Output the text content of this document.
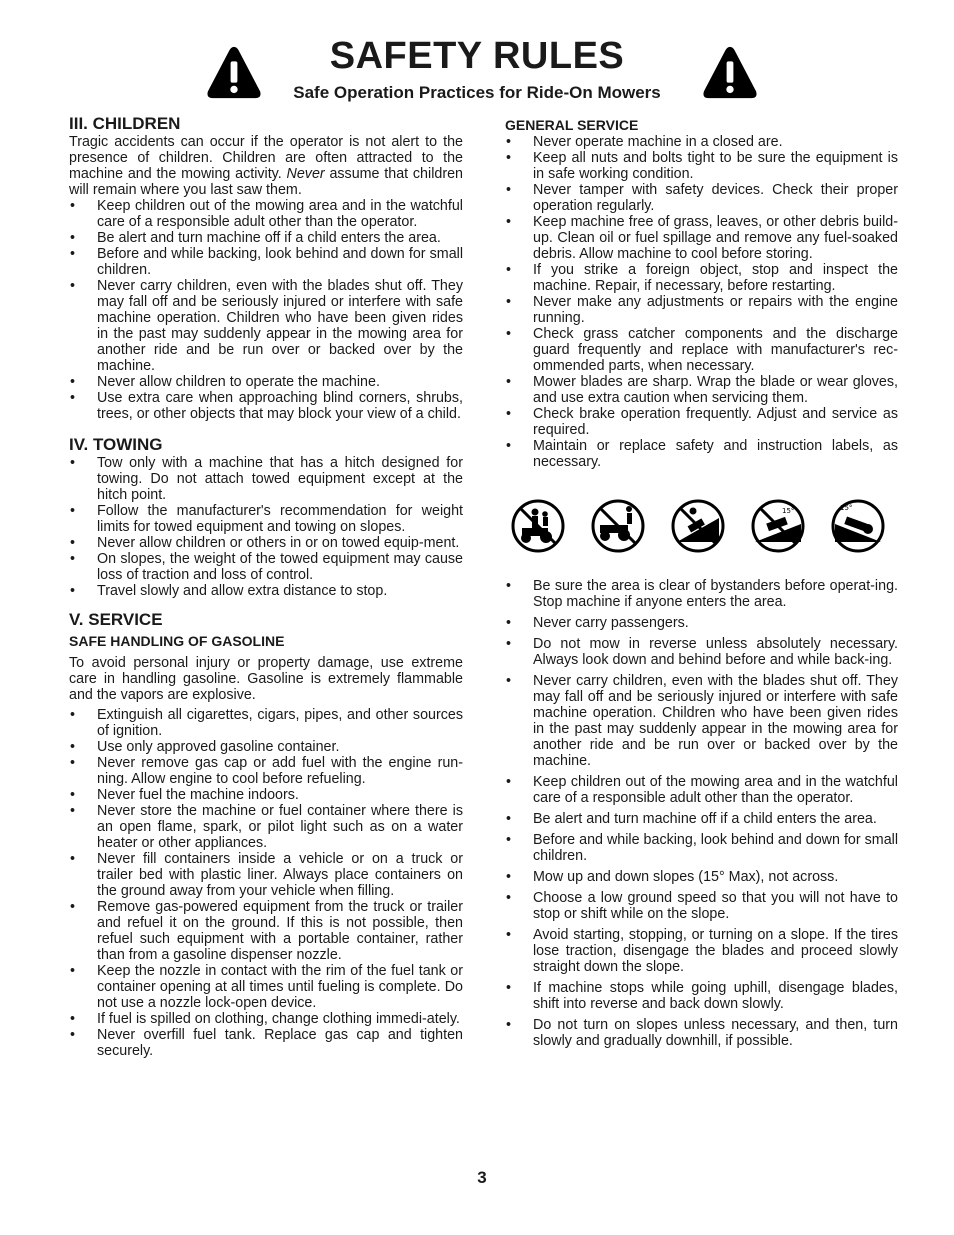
SAFETY RULES
Safe Operation Practices for Ride-On Mowers
III. CHILDREN

Tragic accidents can occur if the operator is not alert to the presence of children. Children are often attracted to the machine and the mowing activity. Never assume that children will remain where you last saw them.

• Keep children out of the mowing area and in the watchful care of a responsible adult other than the operator.
• Be alert and turn machine off if a child enters the area.
• Before and while backing, look behind and down for small children.
• Never carry children, even with the blades shut off. They may fall off and be seriously injured or interfere with safe machine operation. Children who have been given rides in the past may suddenly appear in the mowing area for another ride and be run over or backed over by the machine.
• Never allow children to operate the machine.
• Use extra care when approaching blind corners, shrubs, trees, or other objects that may block your view of a child.
IV. TOWING
• Tow only with a machine that has a hitch designed for towing. Do not attach towed equipment except at the hitch point.
• Follow the manufacturer's recommendation for weight limits for towed equipment and towing on slopes.
• Never allow children or others in or on towed equip-ment.
• On slopes, the weight of the towed equipment may cause loss of traction and loss of control.
• Travel slowly and allow extra distance to stop.
V. SERVICE
SAFE HANDLING OF GASOLINE

To avoid personal injury or property damage, use extreme care in handling gasoline. Gasoline is extremely flammable and the vapors are explosive.

• Extinguish all cigarettes, cigars, pipes, and other sources of ignition.
• Use only approved gasoline container.
• Never remove gas cap or add fuel with the engine run-ning. Allow engine to cool before refueling.
• Never fuel the machine indoors.
• Never store the machine or fuel container where there is an open flame, spark, or pilot light such as on a water heater or other appliances.
• Never fill containers inside a vehicle or on a truck or trailer bed with plastic liner. Always place containers on the ground away from your vehicle when filling.
• Remove gas-powered equipment from the truck or trailer and refuel it on the ground. If this is not possible, then refuel such equipment with a portable container, rather than from a gasoline dispenser nozzle.
• Keep the nozzle in contact with the rim of the fuel tank or container opening at all times until fueling is complete. Do not use a nozzle lock-open device.
• If fuel is spilled on clothing, change clothing immedi-ately.
• Never overfill fuel tank. Replace gas cap and tighten securely.
GENERAL SERVICE
• Never operate machine in a closed are.
• Keep all nuts and bolts tight to be sure the equipment is in safe working condition.
• Never tamper with safety devices. Check their proper operation regularly.
• Keep machine free of grass, leaves, or other debris build-up. Clean oil or fuel spillage and remove any fuel-soaked debris. Allow machine to cool before storing.
• If you strike a foreign object, stop and inspect the machine. Repair, if necessary, before restarting.
• Never make any adjustments or repairs with the engine running.
• Check grass catcher components and the discharge guard frequently and replace with manufacturer's rec-ommended parts, when necessary.
• Mower blades are sharp. Wrap the blade or wear gloves, and use extra caution when servicing them.
• Check brake operation frequently. Adjust and service as required.
• Maintain or replace safety and instruction labels, as necessary.
15°	15°
• Be sure the area is clear of bystanders before operat-ing. Stop machine if anyone enters the area.
• Never carry passengers.
• Do not mow in reverse unless absolutely necessary. Always look down and behind before and while back-ing.
• Never carry children, even with the blades shut off. They may fall off and be seriously injured or interfere with safe machine operation. Children who have been given rides in the past may suddenly appear in the mowing area for another ride and be run over or backed over by the machine.
• Keep children out of the mowing area and in the watchful care of a responsible adult other than the operator.
• Be alert and turn machine off if a child enters the area.
• Before and while backing, look behind and down for small children.
• Mow up and down slopes (15° Max), not across.
• Choose a low ground speed so that you will not have to stop or shift while on the slope.
• Avoid starting, stopping, or turning on a slope. If the tires lose traction, disengage the blades and proceed slowly straight down the slope.
• If machine stops while going uphill, disengage blades, shift into reverse and back down slowly.
• Do not turn on slopes unless necessary, and then, turn slowly and gradually downhill, if possible.
3
